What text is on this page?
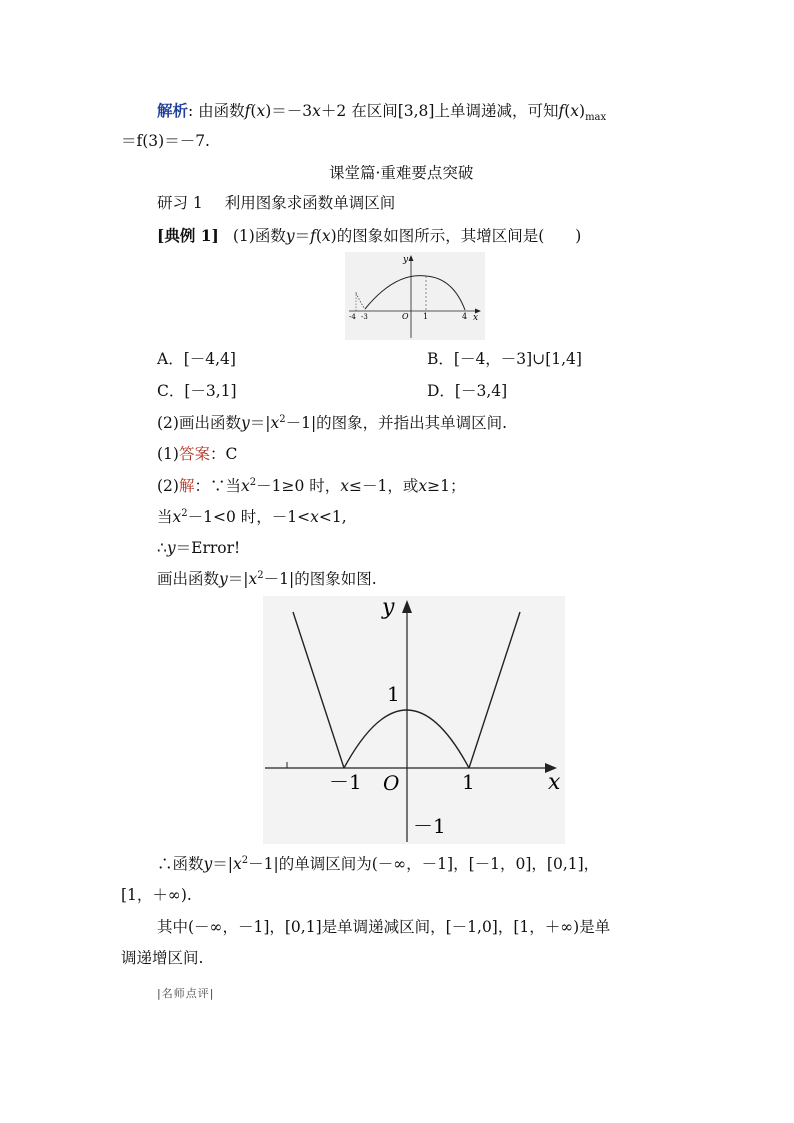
解析: 由函数f(x)＝－3x＋2 在区间[3,8]上单调递减，可知$f(x)_{max}$
＝f(3)＝－7.
课堂篇·重难要点突破
研习 1 利用图象求函数单调区间
[典例 1] (1)函数y＝f(x)的图象如图所示，其增区间是(　　)
y
x
-4 -3	O 1	4
A．[－4,4]	B．[－4，－3]∪[1,4]
C．[－3,1]	D．[－3,4]
(2)画出函数$y=|x^2-1|$的图象，并指出其单调区间.
(1)答案：C
(2)解：∵当$x^2-1\ge 0$ 时，x≤－1，或x≥1；
当$x^2-1<0$ 时，－1<x<1,
∴y＝Error!
画出函数$y=|x^2-1|$的图象如图.
y
1
－1 O	1	x
－1
∴函数$y=|x^2-1|$的单调区间为(－∞，－1]，[－1，0]，[0,1]，
[1，＋∞).
其中(－∞，－1]，[0,1]是单调递减区间，[－1,0]，[1，＋∞)是单
调递增区间.
|名师点评|
